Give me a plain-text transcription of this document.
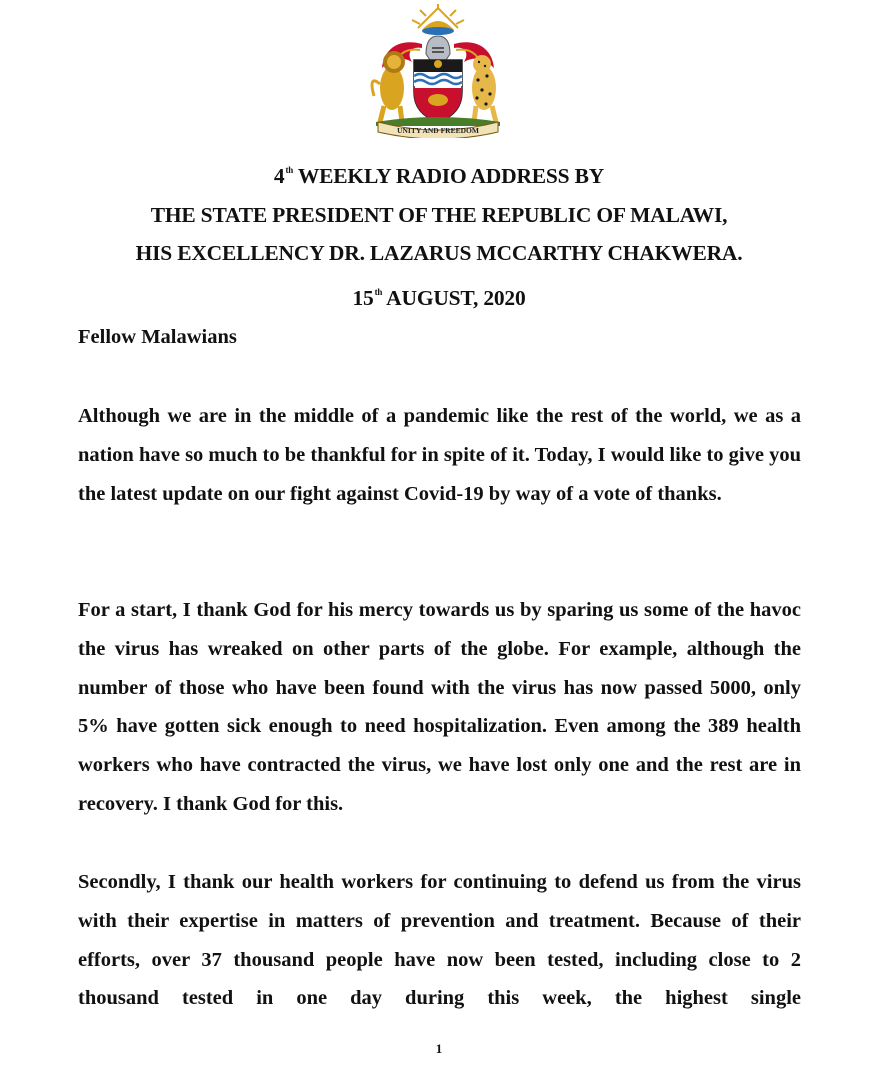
UNITY AND FREEDOM
4th WEEKLY RADIO ADDRESS BY
THE STATE PRESIDENT OF THE REPUBLIC OF MALAWI,
HIS EXCELLENCY DR. LAZARUS MCCARTHY CHAKWERA.
15th AUGUST, 2020
Fellow Malawians

Although we are in the middle of a pandemic like the rest of the world, we as a nation have so much to be thankful for in spite of it. Today, I would like to give you the latest update on our fight against Covid-19 by way of a vote of thanks.

For a start, I thank God for his mercy towards us by sparing us some of the havoc the virus has wreaked on other parts of the globe. For example, although the number of those who have been found with the virus has now passed 5000, only 5% have gotten sick enough to need hospitalization. Even among the 389 health workers who have contracted the virus, we have lost only one and the rest are in recovery. I thank God for this.

Secondly, I thank our health workers for continuing to defend us from the virus with their expertise in matters of prevention and treatment. Because of their efforts, over 37 thousand people have now been tested, including close to 2 thousand tested in one day during this week, the highest single

1
